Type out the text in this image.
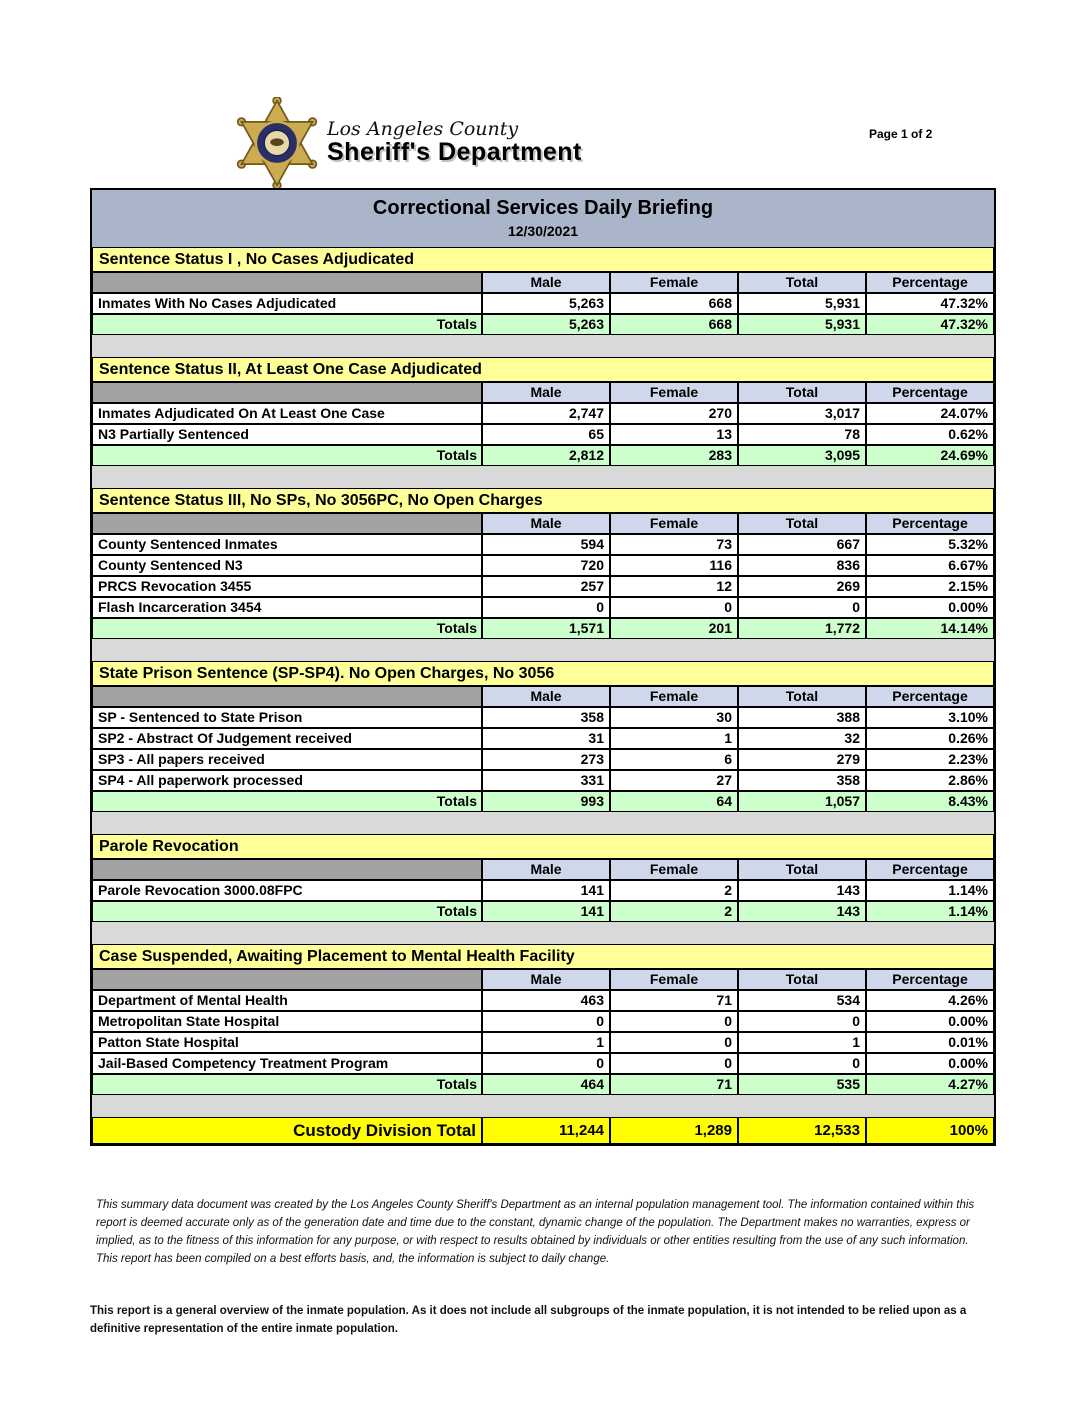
Los Angeles County
Sheriff's Department
Page 1 of 2
Correctional Services Daily Briefing
12/30/2021
Sentence Status I , No Cases Adjudicated
Male	Female	Total	Percentage
Inmates With No Cases Adjudicated	5,263	668	5,931	47.32%
Totals	5,263	668	5,931	47.32%
Sentence Status II, At Least One Case Adjudicated
Male	Female	Total	Percentage
Inmates Adjudicated On At Least One Case	2,747	270	3,017	24.07%
N3 Partially Sentenced	65	13	78	0.62%
Totals	2,812	283	3,095	24.69%
Sentence Status III, No SPs, No 3056PC, No Open Charges
Male	Female	Total	Percentage
County Sentenced Inmates	594	73	667	5.32%
County Sentenced N3	720	116	836	6.67%
PRCS Revocation 3455	257	12	269	2.15%
Flash Incarceration 3454	0	0	0	0.00%
Totals	1,571	201	1,772	14.14%
State Prison Sentence (SP-SP4). No Open Charges, No 3056
Male	Female	Total	Percentage
SP - Sentenced to State Prison	358	30	388	3.10%
SP2 - Abstract Of Judgement received	31	1	32	0.26%
SP3 - All papers received	273	6	279	2.23%
SP4 - All paperwork processed	331	27	358	2.86%
Totals	993	64	1,057	8.43%
Parole Revocation
Male	Female	Total	Percentage
Parole Revocation 3000.08FPC	141	2	143	1.14%
Totals	141	2	143	1.14%
Case Suspended, Awaiting Placement to Mental Health Facility
Male	Female	Total	Percentage
Department of Mental Health	463	71	534	4.26%
Metropolitan State Hospital	0	0	0	0.00%
Patton State Hospital	1	0	1	0.01%
Jail-Based Competency Treatment Program	0	0	0	0.00%
Totals	464	71	535	4.27%
Custody Division Total	11,244	1,289	12,533	100%

This summary data document was created by the Los Angeles County Sheriff's Department as an internal population management tool. The information contained within this report is deemed accurate only as of the generation date and time due to the constant, dynamic change of the population. The Department makes no warranties, express or implied, as to the fitness of this information for any purpose, or with respect to results obtained by individuals or other entities resulting from the use of any such information. This report has been compiled on a best efforts basis, and, the information is subject to daily change.

This report is a general overview of the inmate population. As it does not include all subgroups of the inmate population, it is not intended to be relied upon as a definitive representation of the entire inmate population.
